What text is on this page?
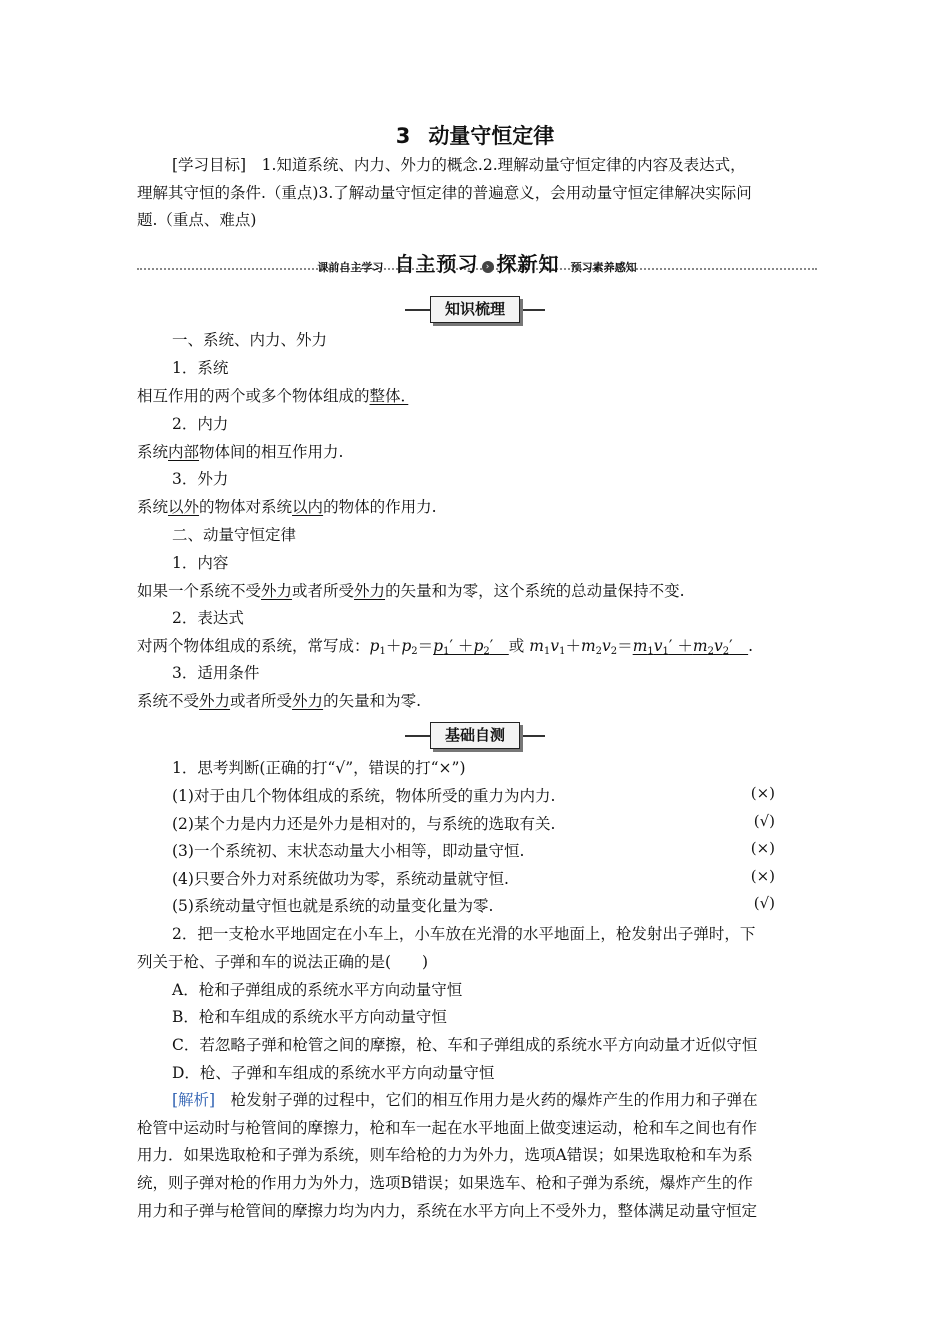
3 动量守恒定律
[学习目标]　 1.知道系统、内力、外力的概念.2.理解动量守恒定律的内容及表达式，
理解其守恒的条件.（重点)3.了解动量守恒定律的普遍意义，会用动量守恒定律解决实际问
题.（重点、难点)
课前自主学习 自主预习 › 探新知 预习素养感知
知识梳理
一、系统、内力、外力
1．系统
相互作用的两个或多个物体组成的整体．　
2．内力
系统内部物体间的相互作用力.
3．外力
系统以外的物体对系统以内的物体的作用力.
二、动量守恒定律
1．内容
如果一个系统不受外力或者所受外力的矢量和为零，这个系统的总动量保持不变.
2．表达式
对两个物体组成的系统，常写成：$p_1+p_2=p_1' +p_2'$　或 $m_1v_1+m_2v_2=m_1v_1' +m_2v_2'$　.
3．适用条件
系统不受外力或者所受外力的矢量和为零.
基础自测
1．思考判断(正确的打“√”，错误的打“×”)
(1)对于由几个物体组成的系统，物体所受的重力为内力.	(×)
(2)某个力是内力还是外力是相对的，与系统的选取有关.	(√)
(3)一个系统初、末状态动量大小相等，即动量守恒.	(×)
(4)只要合外力对系统做功为零，系统动量就守恒.	(×)
(5)系统动量守恒也就是系统的动量变化量为零.	(√)
2．把一支枪水平地固定在小车上，小车放在光滑的水平地面上，枪发射出子弹时，下
列关于枪、子弹和车的说法正确的是(　　)
A．枪和子弹组成的系统水平方向动量守恒
B．枪和车组成的系统水平方向动量守恒
C．若忽略子弹和枪管之间的摩擦，枪、车和子弹组成的系统水平方向动量才近似守恒
D．枪、子弹和车组成的系统水平方向动量守恒
[解析]　 枪发射子弹的过程中，它们的相互作用力是火药的爆炸产生的作用力和子弹在
枪管中运动时与枪管间的摩擦力，枪和车一起在水平地面上做变速运动，枪和车之间也有作
用力．如果选取枪和子弹为系统，则车给枪的力为外力，选项A错误；如果选取枪和车为系
统，则子弹对枪的作用力为外力，选项B错误；如果选车、枪和子弹为系统，爆炸产生的作
用力和子弹与枪管间的摩擦力均为内力，系统在水平方向上不受外力，整体满足动量守恒定
